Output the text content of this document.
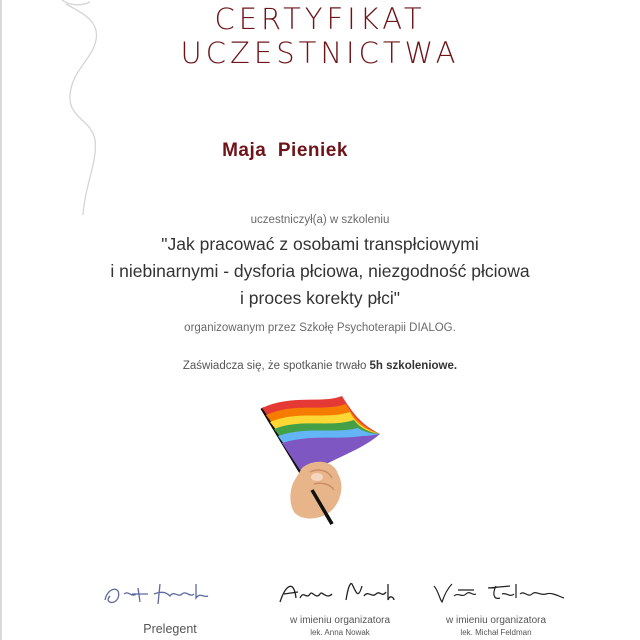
CERTYFIKAT
UCZESTNICTWA
Maja Pieniek
uczestniczył(a) w szkoleniu
"Jak pracować z osobami transpłciowymi
i niebinarnymi - dysforia płciowa, niezgodność płciowa
i proces korekty płci"
organizowanym przez Szkołę Psychoterapii DIALOG.
Zaświadcza się, że spotkanie trwało 5h szkoleniowe.
Prelegent
w imieniu organizatora
lek. Anna Nowak
w imieniu organizatora
lek. Michał Feldman
